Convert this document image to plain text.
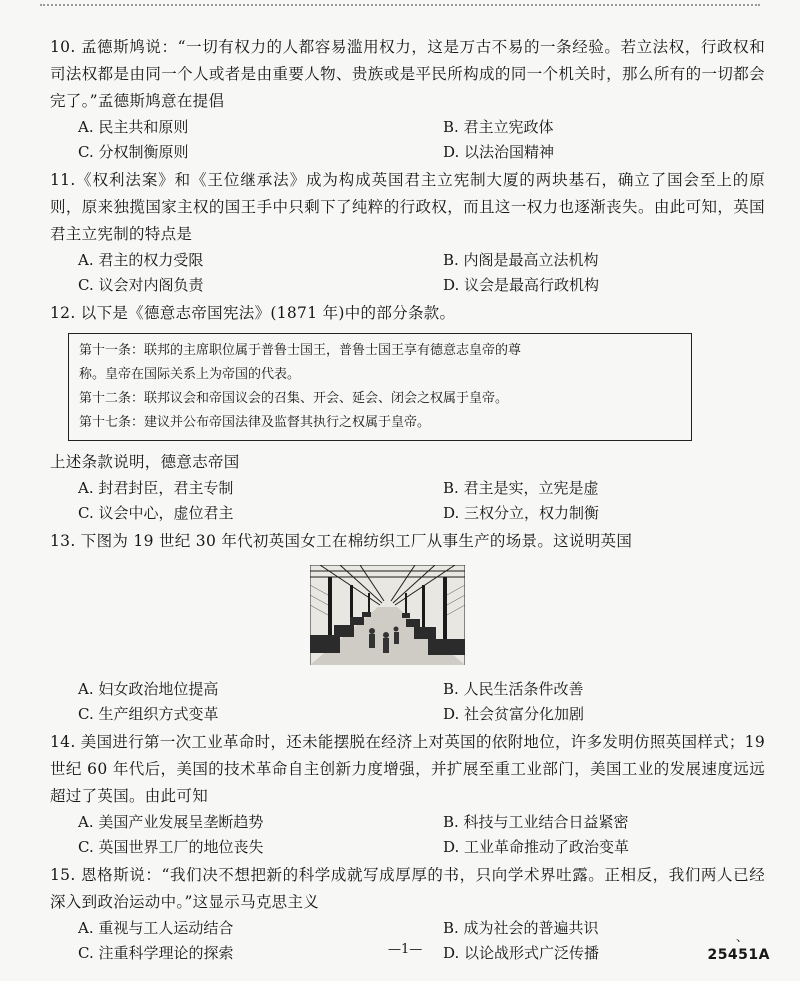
10. 孟德斯鸠说：“一切有权力的人都容易滥用权力，这是万古不易的一条经验。若立法权，行政权和司法权都是由同一个人或者是由重要人物、贵族或是平民所构成的同一个机关时，那么所有的一切都会完了。”孟德斯鸠意在提倡

A. 民主共和原则	B. 君主立宪政体
C. 分权制衡原则	D. 以法治国精神

11.《权利法案》和《王位继承法》成为构成英国君主立宪制大厦的两块基石，确立了国会至上的原则，原来独揽国家主权的国王手中只剩下了纯粹的行政权，而且这一权力也逐渐丧失。由此可知，英国君主立宪制的特点是

A. 君主的权力受限	B. 内阁是最高立法机构
C. 议会对内阁负责	D. 议会是最高行政机构

12. 以下是《德意志帝国宪法》(1871 年)中的部分条款。

第十一条：联邦的主席职位属于普鲁士国王，普鲁士国王享有德意志皇帝的尊
称。皇帝在国际关系上为帝国的代表。
第十二条：联邦议会和帝国议会的召集、开会、延会、闭会之权属于皇帝。
第十七条：建议并公布帝国法律及监督其执行之权属于皇帝。

上述条款说明，德意志帝国

A. 封君封臣，君主专制	B. 君主是实，立宪是虚
C. 议会中心，虚位君主	D. 三权分立，权力制衡

13. 下图为 19 世纪 30 年代初英国女工在棉纺织工厂从事生产的场景。这说明英国

A. 妇女政治地位提高	B. 人民生活条件改善
C. 生产组织方式变革	D. 社会贫富分化加剧

14. 美国进行第一次工业革命时，还未能摆脱在经济上对英国的依附地位，许多发明仿照英国样式；19 世纪 60 年代后，美国的技术革命自主创新力度增强，并扩展至重工业部门，美国工业的发展速度远远超过了英国。由此可知

A. 美国产业发展呈垄断趋势	B. 科技与工业结合日益紧密
C. 英国世界工厂的地位丧失	D. 工业革命推动了政治变革

15. 恩格斯说：“我们决不想把新的科学成就写成厚厚的书，只向学术界吐露。正相反，我们两人已经深入到政治运动中。”这显示马克思主义

A. 重视与工人运动结合	B. 成为社会的普遍共识
C. 注重科学理论的探索	D. 以论战形式广泛传播
、
—1—	25451A
